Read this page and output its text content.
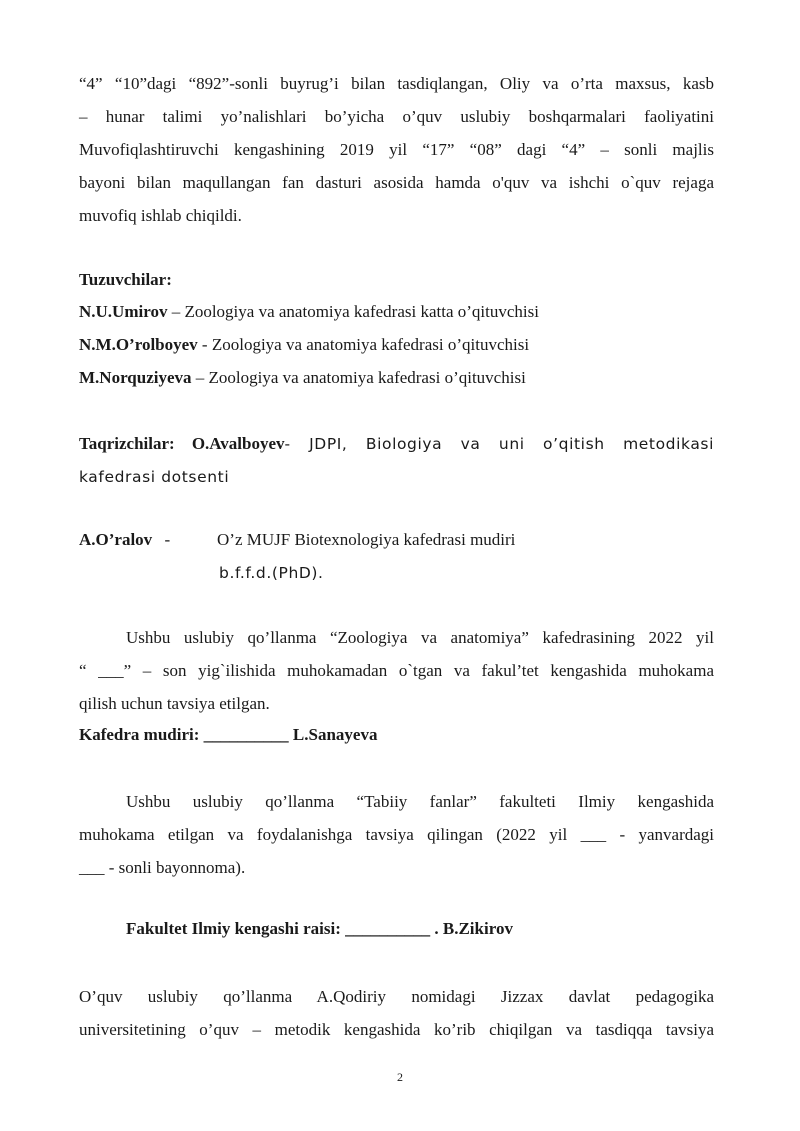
“4” “10”dagi “892”-sonli buyrug’i bilan tasdiqlangan, Oliy va o’rta maxsus, kasb
– hunar talimi yo’nalishlari bo’yicha o’quv uslubiy boshqarmalari faoliyatini
Muvofiqlashtiruvchi kengashining 2019 yil “17” “08” dagi “4” – sonli majlis
bayoni bilan maqullangan fan dasturi asosida hamda o'quv va ishchi o`quv rejaga
muvofiq ishlab chiqildi.
Tuzuvchilar:
N.U.Umirov – Zoologiya va anatomiya kafedrasi katta o’qituvchisi
N.M.O’rolboyev - Zoologiya va anatomiya kafedrasi o’qituvchisi
M.Norquziyeva – Zoologiya va anatomiya kafedrasi o’qituvchisi
Taqrizchilar: O.Avalboyev- JDPI, Biologiya va uni o’qitish metodikasi
kafedrasi dotsenti
A.O’ralov -	O’z MUJF Biotexnologiya kafedrasi mudiri
b.f.f.d.(PhD).
Ushbu uslubiy qo’llanma “Zoologiya va anatomiya” kafedrasining 2022 yil
“ ___” – son yig`ilishida muhokamadan o`tgan va fakul’tet kengashida muhokama
qilish uchun tavsiya etilgan.
Kafedra mudiri: __________ L.Sanayeva
Ushbu uslubiy qo’llanma “Tabiiy fanlar” fakulteti Ilmiy kengashida
muhokama etilgan va foydalanishga tavsiya qilingan (2022 yil ___ - yanvardagi
___ - sonli bayonnoma).
Fakultet Ilmiy kengashi raisi: __________ . B.Zikirov
O’quv uslubiy qo’llanma A.Qodiriy nomidagi Jizzax davlat pedagogika
universitetining o’quv – metodik kengashida ko’rib chiqilgan va tasdiqqa tavsiya
2
